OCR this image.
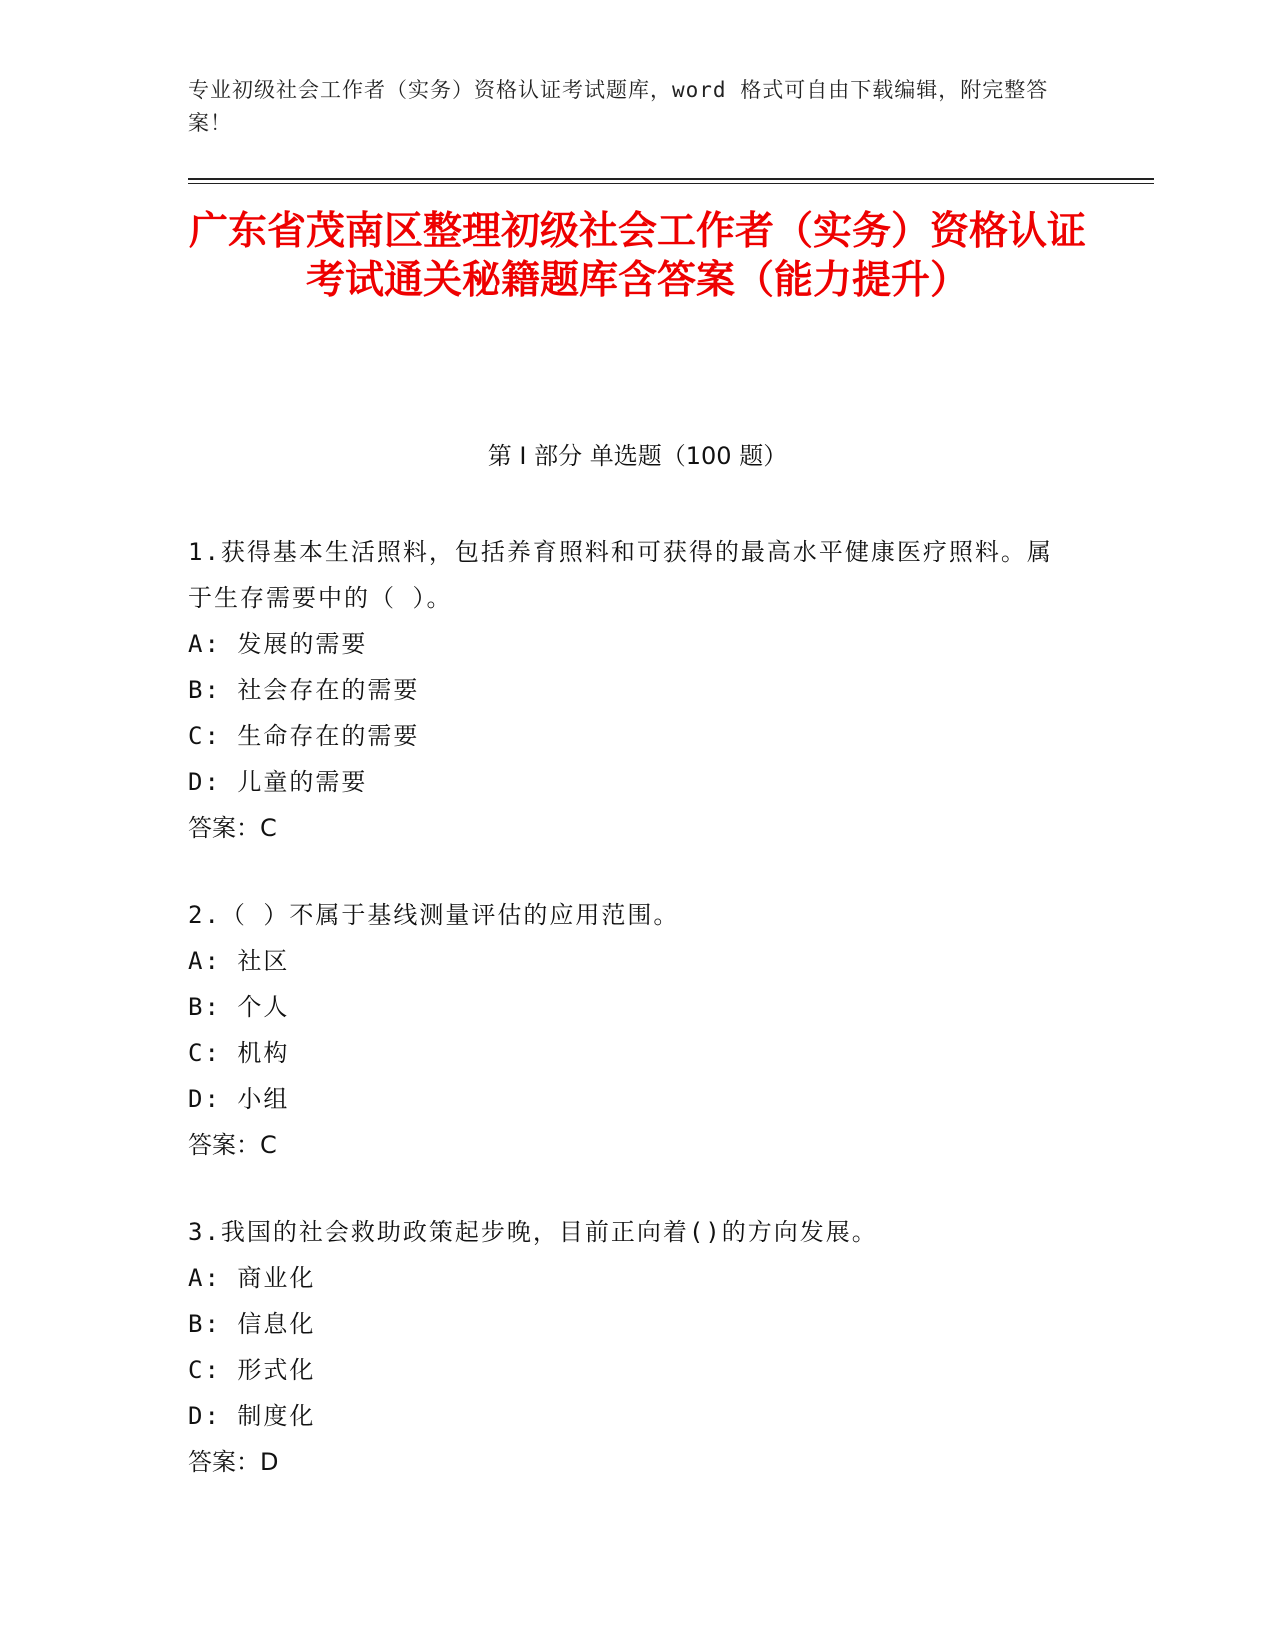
专业初级社会工作者（实务）资格认证考试题库，word 格式可自由下载编辑，附完整答案！
广东省茂南区整理初级社会工作者（实务）资格认证考试通关秘籍题库含答案（能力提升）
第 I 部分 单选题（100 题）
1.获得基本生活照料，包括养育照料和可获得的最高水平健康医疗照料。属于生存需要中的（ ）。
A: 发展的需要
B: 社会存在的需要
C: 生命存在的需要
D: 儿童的需要
答案：C
2.（ ）不属于基线测量评估的应用范围。
A: 社区
B: 个人
C: 机构
D: 小组
答案：C
3.我国的社会救助政策起步晚，目前正向着()的方向发展。
A: 商业化
B: 信息化
C: 形式化
D: 制度化
答案：D
